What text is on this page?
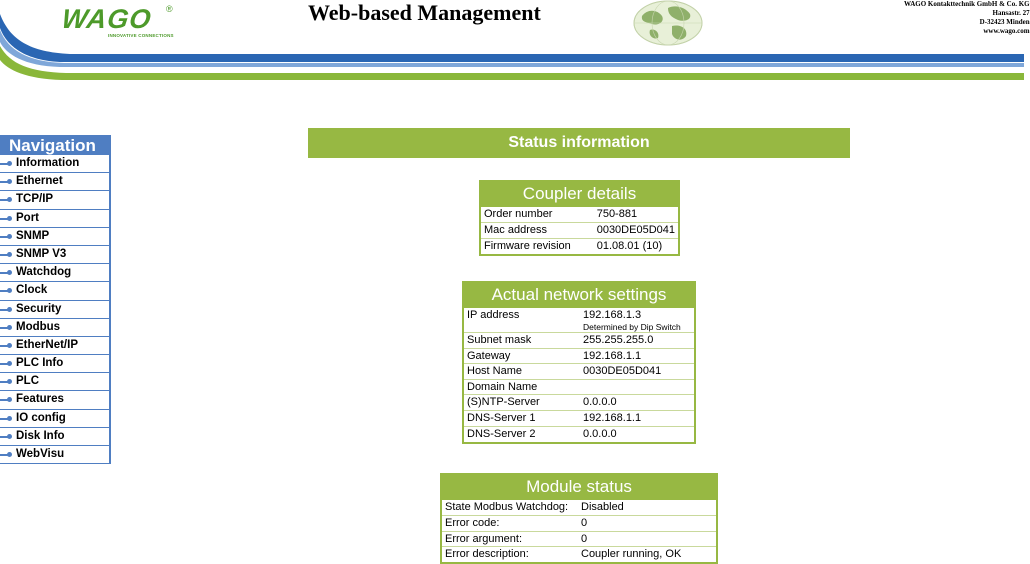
WAGO ®
INNOVATIVE CONNECTIONS
Web-based Management	WAGO Kontakttechnik GmbH & Co. KG
Hansastr. 27
D-32423 Minden
www.wago.com
Navigation
Information
Ethernet
TCP/IP
Port
SNMP
SNMP V3
Watchdog
Clock
Security
Modbus
EtherNet/IP
PLC Info
PLC
Features
IO config
Disk Info
WebVisu
Status information
Coupler details
Order number	750-881
Mac address	0030DE05D041
Firmware revision	01.08.01 (10)
Actual network settings
IP address	192.168.1.3
Determined by Dip Switch

Subnet mask	255.255.255.0
Gateway	192.168.1.1
Host Name	0030DE05D041
Domain Name	
(S)NTP-Server	0.0.0.0
DNS-Server 1	192.168.1.1
DNS-Server 2	0.0.0.0
Module status
State Modbus Watchdog:	Disabled
Error code:	0
Error argument:	0
Error description:	Coupler running, OK
